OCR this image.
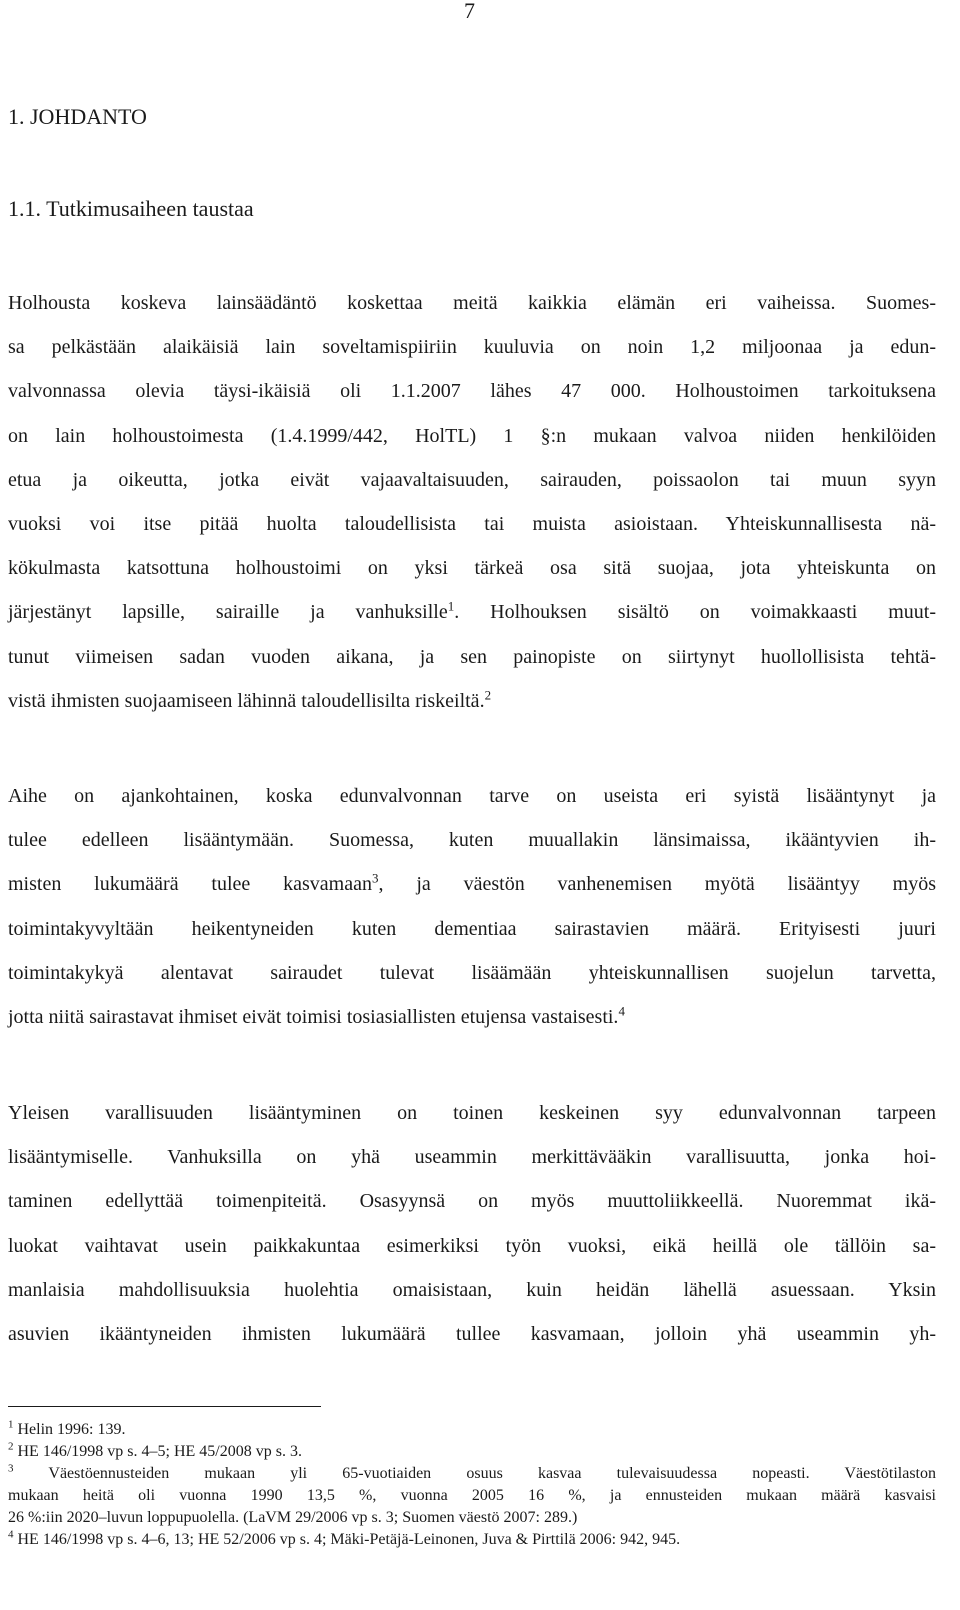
7
1. JOHDANTO
1.1. Tutkimusaiheen taustaa
Holhousta koskeva lainsäädäntö koskettaa meitä kaikkia elämän eri vaiheissa. Suomes-
sa pelkästään alaikäisiä lain soveltamispiiriin kuuluvia on noin 1,2 miljoonaa ja edun-
valvonnassa olevia täysi-ikäisiä oli 1.1.2007 lähes 47 000. Holhoustoimen tarkoituksena
on lain holhoustoimesta (1.4.1999/442, HolTL) 1 §:n mukaan valvoa niiden henkilöiden
etua ja oikeutta, jotka eivät vajaavaltaisuuden, sairauden, poissaolon tai muun syyn
vuoksi voi itse pitää huolta taloudellisista tai muista asioistaan. Yhteiskunnallisesta nä-
kökulmasta katsottuna holhoustoimi on yksi tärkeä osa sitä suojaa, jota yhteiskunta on
järjestänyt lapsille, sairaille ja vanhuksille$^1$. Holhouksen sisältö on voimakkaasti muut-
tunut viimeisen sadan vuoden aikana, ja sen painopiste on siirtynyt huollollisista tehtä-
vistä ihmisten suojaamiseen lähinnä taloudellisilta riskeiltä.$^2$
Aihe on ajankohtainen, koska edunvalvonnan tarve on useista eri syistä lisääntynyt ja
tulee edelleen lisääntymään. Suomessa, kuten muuallakin länsimaissa, ikääntyvien ih-
misten lukumäärä tulee kasvamaan$^3$, ja väestön vanhenemisen myötä lisääntyy myös
toimintakyvyltään heikentyneiden kuten dementiaa sairastavien määrä. Erityisesti juuri
toimintakykyä alentavat sairaudet tulevat lisäämään yhteiskunnallisen suojelun tarvetta,
jotta niitä sairastavat ihmiset eivät toimisi tosiasiallisten etujensa vastaisesti.$^4$
Yleisen varallisuuden lisääntyminen on toinen keskeinen syy edunvalvonnan tarpeen
lisääntymiselle. Vanhuksilla on yhä useammin merkittävääkin varallisuutta, jonka hoi-
taminen edellyttää toimenpiteitä. Osasyynsä on myös muuttoliikkeellä. Nuoremmat ikä-
luokat vaihtavat usein paikkakuntaa esimerkiksi työn vuoksi, eikä heillä ole tällöin sa-
manlaisia mahdollisuuksia huolehtia omaisistaan, kuin heidän lähellä asuessaan. Yksin
asuvien ikääntyneiden ihmisten lukumäärä tullee kasvamaan, jolloin yhä useammin yh-
$^1$ Helin 1996: 139.
$^2$ HE 146/1998 vp s. 4–5; HE 45/2008 vp s. 3.
$^3$ Väestöennusteiden mukaan yli 65-vuotiaiden osuus kasvaa tulevaisuudessa nopeasti. Väestötilaston
mukaan heitä oli vuonna 1990 13,5 %, vuonna 2005 16 %, ja ennusteiden mukaan määrä kasvaisi
26 %:iin 2020–luvun loppupuolella. (LaVM 29/2006 vp s. 3; Suomen väestö 2007: 289.)
$^4$ HE 146/1998 vp s. 4–6, 13; HE 52/2006 vp s. 4; Mäki-Petäjä-Leinonen, Juva & Pirttilä 2006: 942, 945.
